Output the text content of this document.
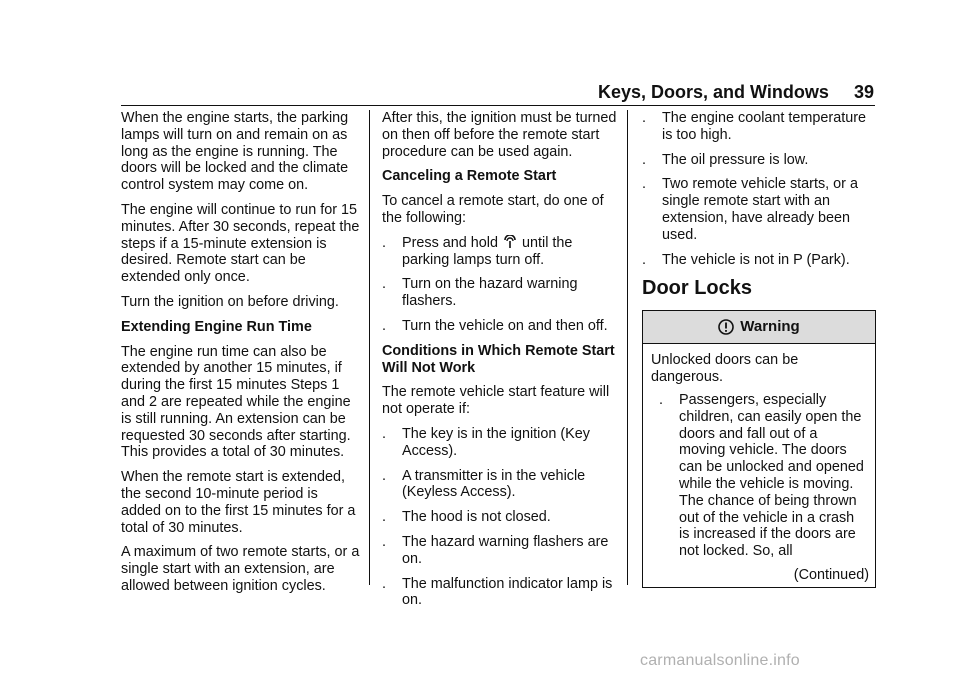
Keys, Doors, and Windows 39

When the engine starts, the parking lamps will turn on and remain on as long as the engine is running. The doors will be locked and the climate control system may come on.

The engine will continue to run for 15 minutes. After 30 seconds, repeat the steps if a 15-minute extension is desired. Remote start can be extended only once.

Turn the ignition on before driving.

Extending Engine Run Time

The engine run time can also be extended by another 15 minutes, if during the first 15 minutes Steps 1 and 2 are repeated while the engine is still running. An extension can be requested 30 seconds after starting. This provides a total of 30 minutes.

When the remote start is extended, the second 10-minute period is added on to the first 15 minutes for a total of 30 minutes.

A maximum of two remote starts, or a single start with an extension, are allowed between ignition cycles.

After this, the ignition must be turned on then off before the remote start procedure can be used again.

Canceling a Remote Start

To cancel a remote start, do one of the following:

.	Press and hold until the parking lamps turn off.
.	Turn on the hazard warning flashers.
.	Turn the vehicle on and then off.

Conditions in Which Remote Start Will Not Work

The remote vehicle start feature will not operate if:

.	The key is in the ignition (Key Access).
.	A transmitter is in the vehicle (Keyless Access).
.	The hood is not closed.
.	The hazard warning flashers are on.
.	The malfunction indicator lamp is on.
.	The engine coolant temperature is too high.
.	The oil pressure is low.
.	Two remote vehicle starts, or a single remote start with an extension, have already been used.
.	The vehicle is not in P (Park).
Door Locks
Warning

Unlocked doors can be dangerous.

.	Passengers, especially children, can easily open the doors and fall out of a moving vehicle. The doors can be unlocked and opened while the vehicle is moving. The chance of being thrown out of the vehicle in a crash is increased if the doors are not locked. So, all
(Continued)
carmanualsonline.info
